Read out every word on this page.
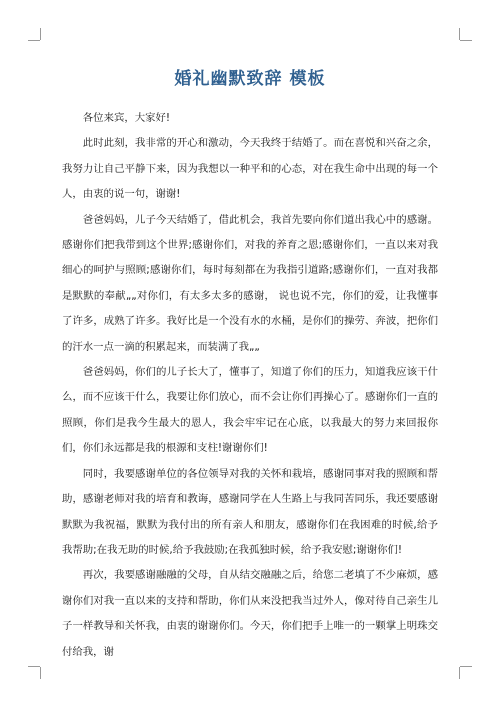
婚礼幽默致辞 模板

各位来宾，大家好!

此时此刻，我非常的开心和激动，今天我终于结婚了。而在喜悦和兴奋之余，我努力让自己平静下来，因为我想以一种平和的心态，对在我生命中出现的每一个人，由衷的说一句，谢谢!

爸爸妈妈，儿子今天结婚了，借此机会，我首先要向你们道出我心中的感谢。感谢你们把我带到这个世界;感谢你们，对我的养育之恩;感谢你们，一直以来对我细心的呵护与照顾;感谢你们，每时每刻都在为我指引道路;感谢你们，一直对我都是默默的奉献„„对你们，有太多太多的感谢， 说也说不完，你们的爱，让我懂事了许多，成熟了许多。我好比是一个没有水的水桶，是你们的操劳、奔波，把你们的汗水一点一滴的积累起来，而装满了我„„

爸爸妈妈，你们的儿子长大了，懂事了，知道了你们的压力，知道我应该干什么，而不应该干什么，我要让你们放心，而不会让你们再操心了。感谢你们一直的照顾，你们是我今生最大的恩人，我会牢牢记在心底，以我最大的努力来回报你们，你们永远都是我的根源和支柱!谢谢你们!

同时，我要感谢单位的各位领导对我的关怀和栽培，感谢同事对我的照顾和帮助，感谢老师对我的培育和教诲，感谢同学在人生路上与我同苦同乐，我还要感谢默默为我祝福，默默为我付出的所有亲人和朋友，感谢你们在我困难的时候,给予我帮助;在我无助的时候,给予我鼓励;在我孤独时候，给予我安慰;谢谢你们!

再次，我要感谢融融的父母，自从结交融融之后，给您二老填了不少麻烦，感谢你们对我一直以来的支持和帮助，你们从来没把我当过外人，像对待自己亲生儿子一样教导和关怀我，由衷的谢谢你们。今天，你们把手上唯一的一颗掌上明珠交付给我，谢
